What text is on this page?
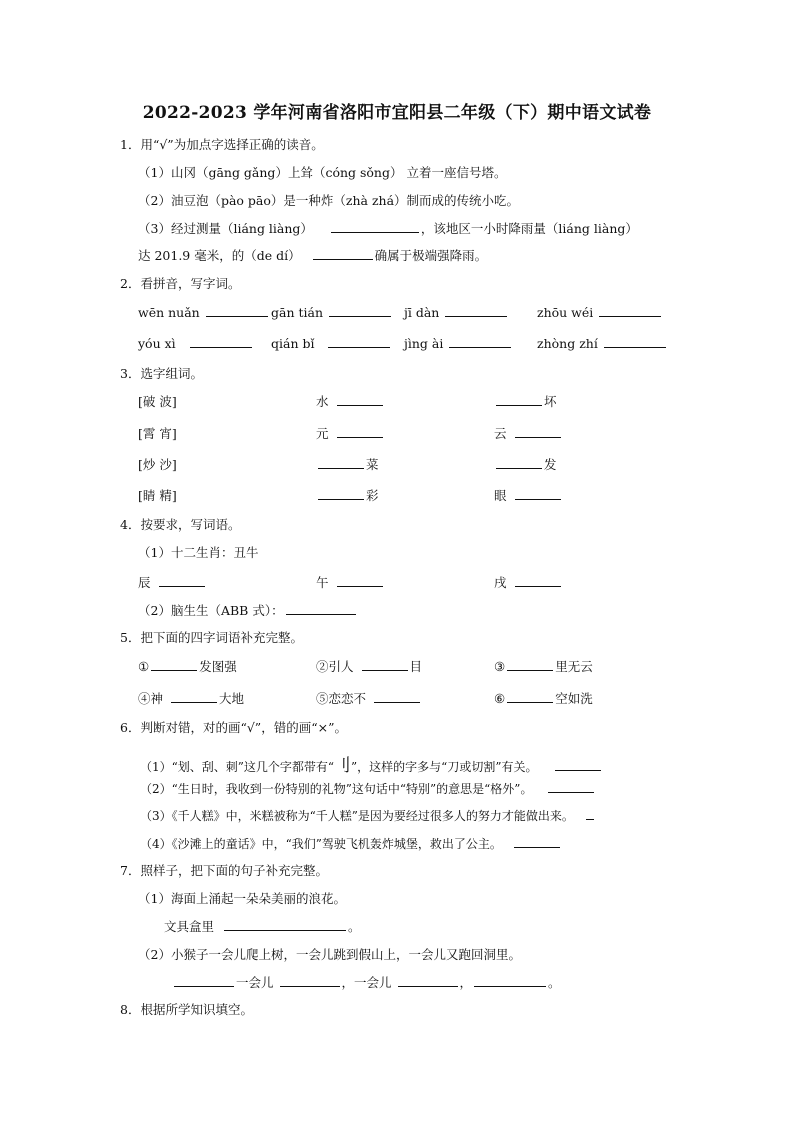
2022-2023 学年河南省洛阳市宜阳县二年级（下）期中语文试卷
1．用“√”为加点字选择正确的读音。
（1）山冈（gāng gǎng）上耸（cóng sǒng） 立着一座信号塔。
（2）油豆泡（pào pāo）是一种炸（zhà zhá）制而成的传统小吃。
（3）经过测量（liáng liàng）	，该地区一小时降雨量（liáng liàng）
达 201.9 毫米，的（de dí）	确属于极端强降雨。
2．看拼音，写字词。
wēn nuǎn	gān tián	jī dàn	zhōu wéi
yóu xì	qián bǐ	jìng ài	zhòng zhí
3．选字组词。
[破 波]	水	坏
[霄 宵]	元	云
[炒 沙]	菜	发
[睛 精]	彩	眼
4．按要求，写词语。
（1）十二生肖：丑牛
辰	午	戌
（2）脑生生（ABB 式）：
5．把下面的四字词语补充完整。
①	发图强	②引人	目	③	里无云
④神	大地	⑤恋恋不	⑥	空如洗
6．判断对错，对的画“√”，错的画“×”。
（1）“划、刮、刺”这几个字都带有“刂”，这样的字多与“刀或切割”有关。
（2）“生日时，我收到一份特别的礼物”这句话中“特别”的意思是“格外”。
（3）《千人糕》中，米糕被称为“千人糕”是因为要经过很多人的努力才能做出来。
（4）《沙滩上的童话》中，“我们”驾驶飞机轰炸城堡，救出了公主。
7．照样子，把下面的句子补充完整。
（1）海面上涌起一朵朵美丽的浪花。
文具盒里	。
（2）小猴子一会儿爬上树，一会儿跳到假山上，一会儿又跑回洞里。
一会儿	，一会儿	，	。
8．根据所学知识填空。
